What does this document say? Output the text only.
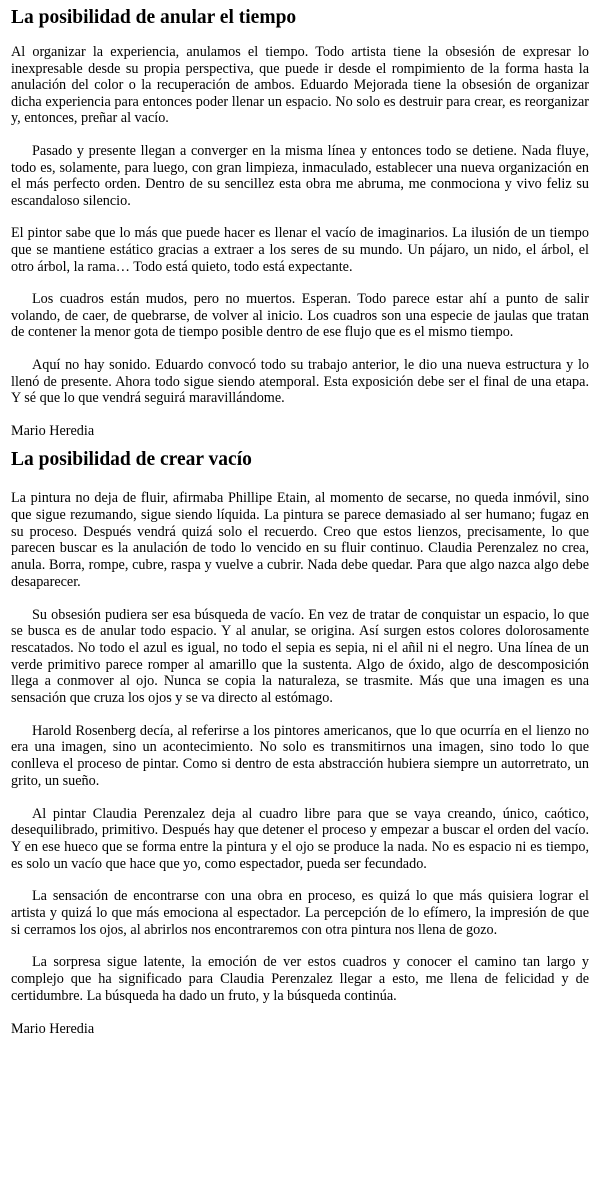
La posibilidad de anular el tiempo

Al organizar la experiencia, anulamos el tiempo. Todo artista tiene la obsesión de expresar lo inexpresable desde su propia perspectiva, que puede ir desde el rompimiento de la forma hasta la anulación del color o la recuperación de ambos. Eduardo Mejorada tiene la obsesión de organizar dicha experiencia para entonces poder llenar un espacio. No solo es destruir para crear, es reorganizar y, entonces, preñar al vacío.

Pasado y presente llegan a converger en la misma línea y entonces todo se detiene. Nada fluye, todo es, solamente, para luego, con gran limpieza, inmaculado, establecer una nueva organización en el más perfecto orden. Dentro de su sencillez esta obra me abruma, me conmociona y vivo feliz su escandaloso silencio.

El pintor sabe que lo más que puede hacer es llenar el vacío de imaginarios. La ilusión de un tiempo que se mantiene estático gracias a extraer a los seres de su mundo. Un pájaro, un nido, el árbol, el otro árbol, la rama… Todo está quieto, todo está expectante.

Los cuadros están mudos, pero no muertos. Esperan. Todo parece estar ahí a punto de salir volando, de caer, de quebrarse, de volver al inicio. Los cuadros son una especie de jaulas que tratan de contener la menor gota de tiempo posible dentro de ese flujo que es el mismo tiempo.

Aquí no hay sonido. Eduardo convocó todo su trabajo anterior, le dio una nueva estructura y lo llenó de presente. Ahora todo sigue siendo atemporal. Esta exposición debe ser el final de una etapa. Y sé que lo que vendrá seguirá maravillándome.

Mario Heredia

La posibilidad de crear vacío

La pintura no deja de fluir, afirmaba Phillipe Etain, al momento de secarse, no queda inmóvil, sino que sigue rezumando, sigue siendo líquida. La pintura se parece demasiado al ser humano; fugaz en su proceso. Después vendrá quizá solo el recuerdo. Creo que estos lienzos, precisamente, lo que parecen buscar es la anulación de todo lo vencido en su fluir continuo. Claudia Perenzalez no crea, anula. Borra, rompe, cubre, raspa y vuelve a cubrir. Nada debe quedar. Para que algo nazca algo debe desaparecer.

Su obsesión pudiera ser esa búsqueda de vacío. En vez de tratar de conquistar un espacio, lo que se busca es de anular todo espacio. Y al anular, se origina. Así surgen estos colores dolorosamente rescatados. No todo el azul es igual, no todo el sepia es sepia, ni el añil ni el negro. Una línea de un verde primitivo parece romper al amarillo que la sustenta. Algo de óxido, algo de descomposición llega a conmover al ojo. Nunca se copia la naturaleza, se trasmite. Más que una imagen es una sensación que cruza los ojos y se va directo al estómago.

Harold Rosenberg decía, al referirse a los pintores americanos, que lo que ocurría en el lienzo no era una imagen, sino un acontecimiento. No solo es transmitirnos una imagen, sino todo lo que conlleva el proceso de pintar. Como si dentro de esta abstracción hubiera siempre un autorretrato, un grito, un sueño.

Al pintar Claudia Perenzalez deja al cuadro libre para que se vaya creando, único, caótico, desequilibrado, primitivo. Después hay que detener el proceso y empezar a buscar el orden del vacío. Y en ese hueco que se forma entre la pintura y el ojo se produce la nada. No es espacio ni es tiempo, es solo un vacío que hace que yo, como espectador, pueda ser fecundado.

La sensación de encontrarse con una obra en proceso, es quizá lo que más quisiera lograr el artista y quizá lo que más emociona al espectador. La percepción de lo efímero, la impresión de que si cerramos los ojos, al abrirlos nos encontraremos con otra pintura nos llena de gozo.

La sorpresa sigue latente, la emoción de ver estos cuadros y conocer el camino tan largo y complejo que ha significado para Claudia Perenzalez llegar a esto, me llena de felicidad y de certidumbre. La búsqueda ha dado un fruto, y la búsqueda continúa.

Mario Heredia
